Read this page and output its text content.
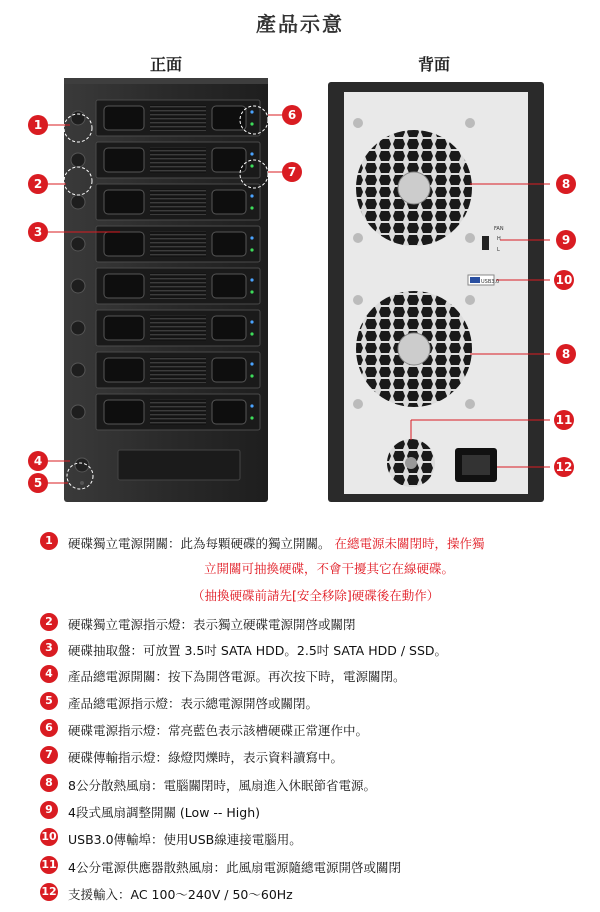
產品示意
正面	背面
FAN
H
L
USB3.0
1
2
3
4
5
6
7
8
9
10
8
11
12
1	硬碟獨立電源開關：此為每顆硬碟的獨立開關。 在總電源未關閉時，操作獨
立開關可抽換硬碟，不會干擾其它在線硬碟。
（抽換硬碟前請先[安全移除]硬碟後在動作）
2	硬碟獨立電源指示燈：表示獨立硬碟電源開啓或關閉
3	硬碟抽取盤：可放置 3.5吋 SATA HDD。2.5吋 SATA HDD / SSD。
4	產品總電源開關：按下為開啓電源。再次按下時，電源關閉。
5	產品總電源指示燈：表示總電源開啓或關閉。
6	硬碟電源指示燈：常亮藍色表示該槽硬碟正常運作中。
7	硬碟傳輸指示燈：綠燈閃爍時，表示資料讀寫中。
8	8公分散熱風扇：電腦關閉時，風扇進入休眠節省電源。
9	4段式風扇調整開關 (Low -- High)
10 USB3.0傳輸埠：使用USB線連接電腦用。
11 4公分電源供應器散熱風扇：此風扇電源隨總電源開啓或關閉
12 支援輸入：AC 100～240V / 50～60Hz
